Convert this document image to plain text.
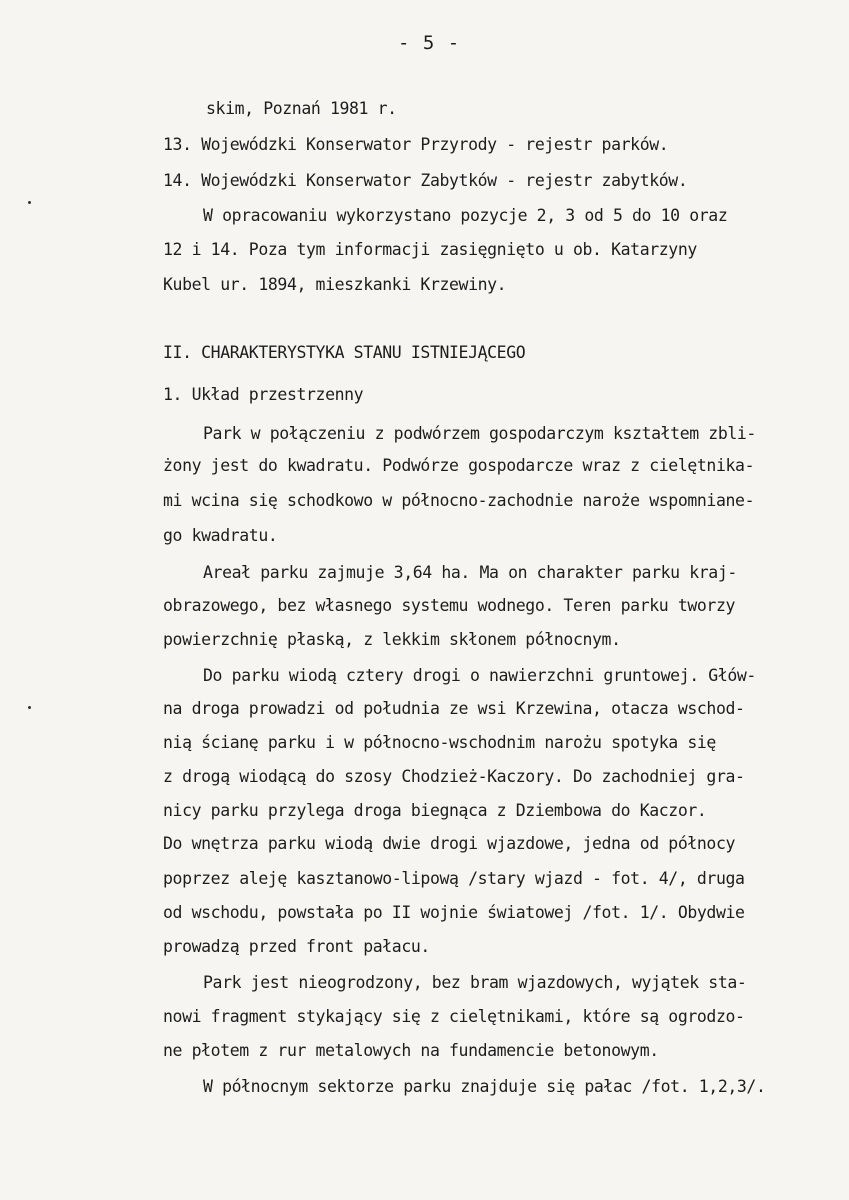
- 5 -
skim, Poznań 1981 r.
13. Wojewódzki Konserwator Przyrody - rejestr parków.
14. Wojewódzki Konserwator Zabytków - rejestr zabytków.
W opracowaniu wykorzystano pozycje 2, 3 od 5 do 10 oraz
12 i 14. Poza tym informacji zasięgnięto u ob. Katarzyny
Kubel ur. 1894, mieszkanki Krzewiny.
II. CHARAKTERYSTYKA STANU ISTNIEJĄCEGO
1. Układ przestrzenny
Park w połączeniu z podwórzem gospodarczym kształtem zbli-
żony jest do kwadratu. Podwórze gospodarcze wraz z cielętnika-
mi wcina się schodkowo w północno-zachodnie naroże wspomniane-
go kwadratu.
Areał parku zajmuje 3,64 ha. Ma on charakter parku kraj-
obrazowego, bez własnego systemu wodnego. Teren parku tworzy
powierzchnię płaską, z lekkim skłonem północnym.
Do parku wiodą cztery drogi o nawierzchni gruntowej. Głów-
na droga prowadzi od południa ze wsi Krzewina, otacza wschod-
nią ścianę parku i w północno-wschodnim narożu spotyka się
z drogą wiodącą do szosy Chodzież-Kaczory. Do zachodniej gra-
nicy parku przylega droga biegnąca z Dziembowa do Kaczor.
Do wnętrza parku wiodą dwie drogi wjazdowe, jedna od północy
poprzez aleję kasztanowo-lipową /stary wjazd - fot. 4/, druga
od wschodu, powstała po II wojnie światowej /fot. 1/. Obydwie
prowadzą przed front pałacu.
Park jest nieogrodzony, bez bram wjazdowych, wyjątek sta-
nowi fragment stykający się z cielętnikami, które są ogrodzo-
ne płotem z rur metalowych na fundamencie betonowym.
W północnym sektorze parku znajduje się pałac /fot. 1,2,3/.
